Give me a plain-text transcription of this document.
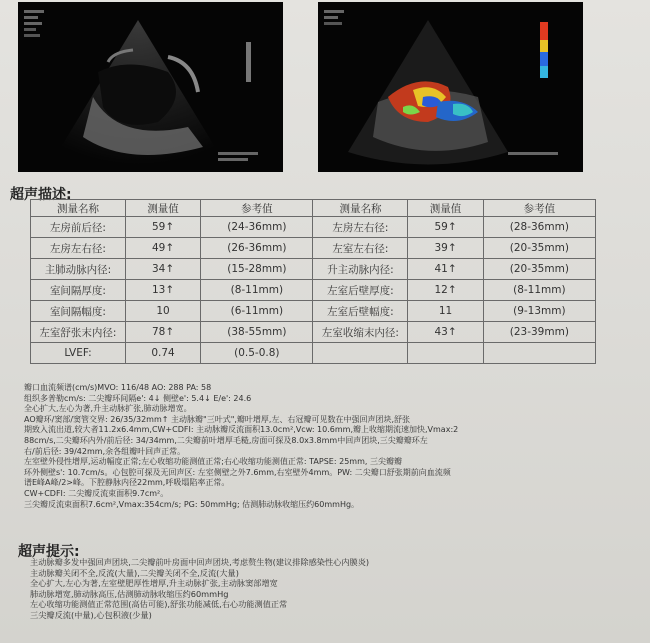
超声描述:
测量名称	测量值	参考值	测量名称	测量值	参考值
左房前后径:	59↑	(24-36mm)	左房左右径:	59↑	(28-36mm)
左房左右径:	49↑	(26-36mm)	左室左右径:	39↑	(20-35mm)
主肺动脉内径:	34↑	(15-28mm)	升主动脉内径:	41↑	(20-35mm)
室间隔厚度:	13↑	(8-11mm)	左室后壁厚度:	12↑	(8-11mm)
室间隔幅度:	10	(6-11mm)	左室后壁幅度:	11	(9-13mm)
左室舒张末内径:	78↑	(38-55mm)	左室收缩末内径:	43↑	(23-39mm)
LVEF:	0.74	(0.5-0.8)			
瓣口血流频谱(cm/s)MVO: 116/48 AO: 288 PA: 58
组织多普勒cm/s: 二尖瓣环间隔e': 4↓ 侧壁e': 5.4↓ E/e': 24.6
全心扩大,左心为著,升主动脉扩张,肺动脉增宽。
AO瓣环/窦部/窦管交界: 26/35/32mm↑ 主动脉瓣"三叶式",瓣叶增厚,左、右冠瓣可见数在中强回声团块,舒张
期致入流出道,较大者11.2x6.4mm,CW+CDFI: 主动脉瓣反流面积13.0cm²,Vcw: 10.6mm,瓣上收缩期流速加快,Vmax:2
88cm/s,二尖瓣环内外/前后径: 34/34mm,二尖瓣前叶增厚毛糙,房面可探及8.0x3.8mm中回声团块,三尖瓣瓣环左
右/前后径: 39/42mm,余各组瓣叶回声正常。
左室壁外侵性增厚,运动幅度正常;左心收缩功能测值正常;右心收缩功能测值正常: TAPSE: 25mm, 三尖瓣瓣
环外侧壁s': 10.7cm/s。心包腔可探及无回声区: 左室侧壁之外7.6mm,右室壁外4mm。PW: 二尖瓣口舒张期前向血流频
谱E峰A峰/2>峰。下腔静脉内径22mm,呼吸塌陷率正常。
CW+CDFI: 二尖瓣反流束面积9.7cm²。
三尖瓣反流束面积7.6cm²,Vmax:354cm/s; PG: 50mmHg; 估测肺动脉收缩压约60mmHg。
超声提示:
主动脉瓣多发中强回声团块,二尖瓣前叶房面中回声团块,考虑赘生物(建议排除感染性心内膜炎)
主动脉瓣关闭不全,反流(大量),二尖瓣关闭不全,反流(大量)
全心扩大,左心为著,左室壁肥厚性增厚,升主动脉扩张,主动脉窦部增宽
肺动脉增宽,肺动脉高压,估测肺动脉收缩压约60mmHg
左心收缩功能测值正常范围(高估可能),舒张功能减低,右心功能测值正常
三尖瓣反流(中量),心包积液(少量)
